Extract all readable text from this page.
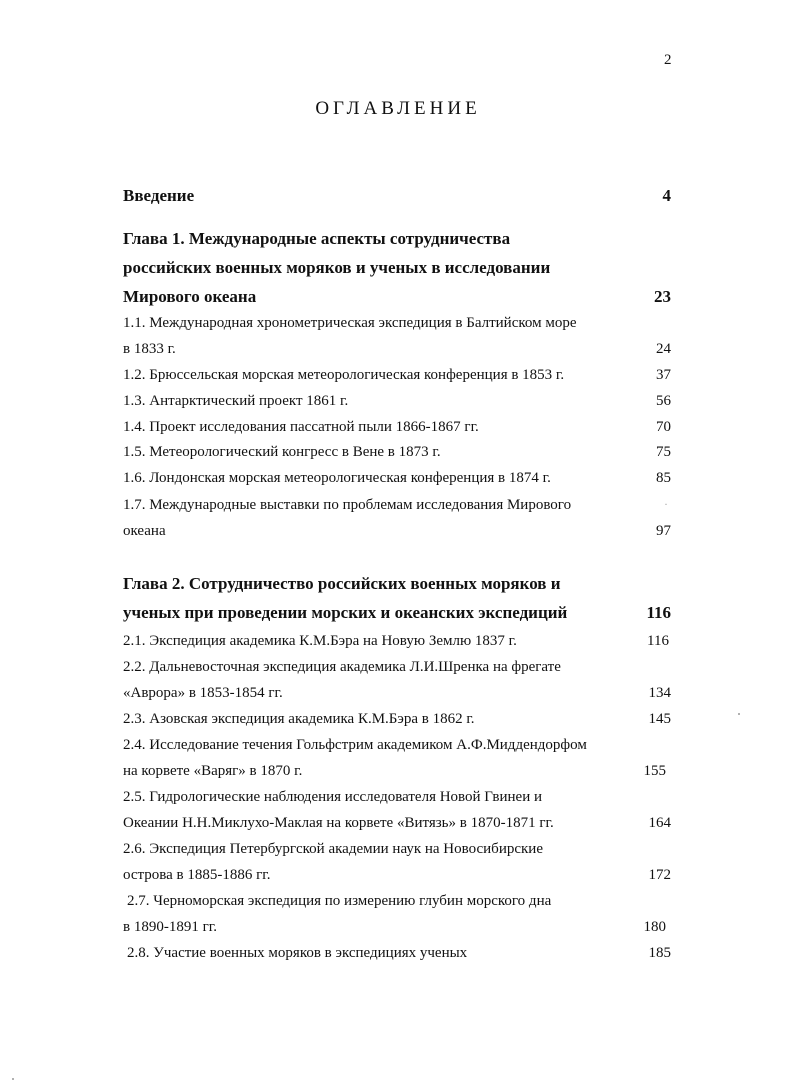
2
ОГЛАВЛЕНИЕ
Введение	4
Глава 1. Международные аспекты сотрудничества
российских военных моряков и ученых в исследовании
Мирового океана	23
1.1. Международная хронометрическая экспедиция в Балтийском море
в 1833 г.	24
1.2. Брюссельская морская метеорологическая конференция в 1853 г.	37
1.3. Антарктический проект 1861 г.	56
1.4. Проект исследования пассатной пыли 1866-1867 гг.	70
1.5. Метеорологический конгресс в Вене в 1873 г.	75
1.6. Лондонская морская метеорологическая конференция в 1874 г.	85
1.7. Международные выставки по проблемам исследования Мирового	·
океана	97
Глава 2. Сотрудничество российских военных моряков и
ученых при проведении морских и океанских экспедиций	116
2.1. Экспедиция академика К.М.Бэра на Новую Землю 1837 г.	116
2.2. Дальневосточная экспедиция академика Л.И.Шренка на фрегате
«Аврора» в 1853-1854 гг.	134
2.3. Азовская экспедиция академика К.М.Бэра в 1862 г.	145
2.4. Исследование течения Гольфстрим академиком А.Ф.Миддендорфом
на корвете «Варяг» в 1870 г.	155
2.5. Гидрологические наблюдения исследователя Новой Гвинеи и
Океании Н.Н.Миклухо-Маклая на корвете «Витязь» в 1870-1871 гг.	164
2.6. Экспедиция Петербургской академии наук на Новосибирские
острова в 1885-1886 гг.	172
2.7. Черноморская экспедиция по измерению глубин морского дна
в 1890-1891 гг.	180
2.8. Участие военных моряков в экспедициях ученых	185
